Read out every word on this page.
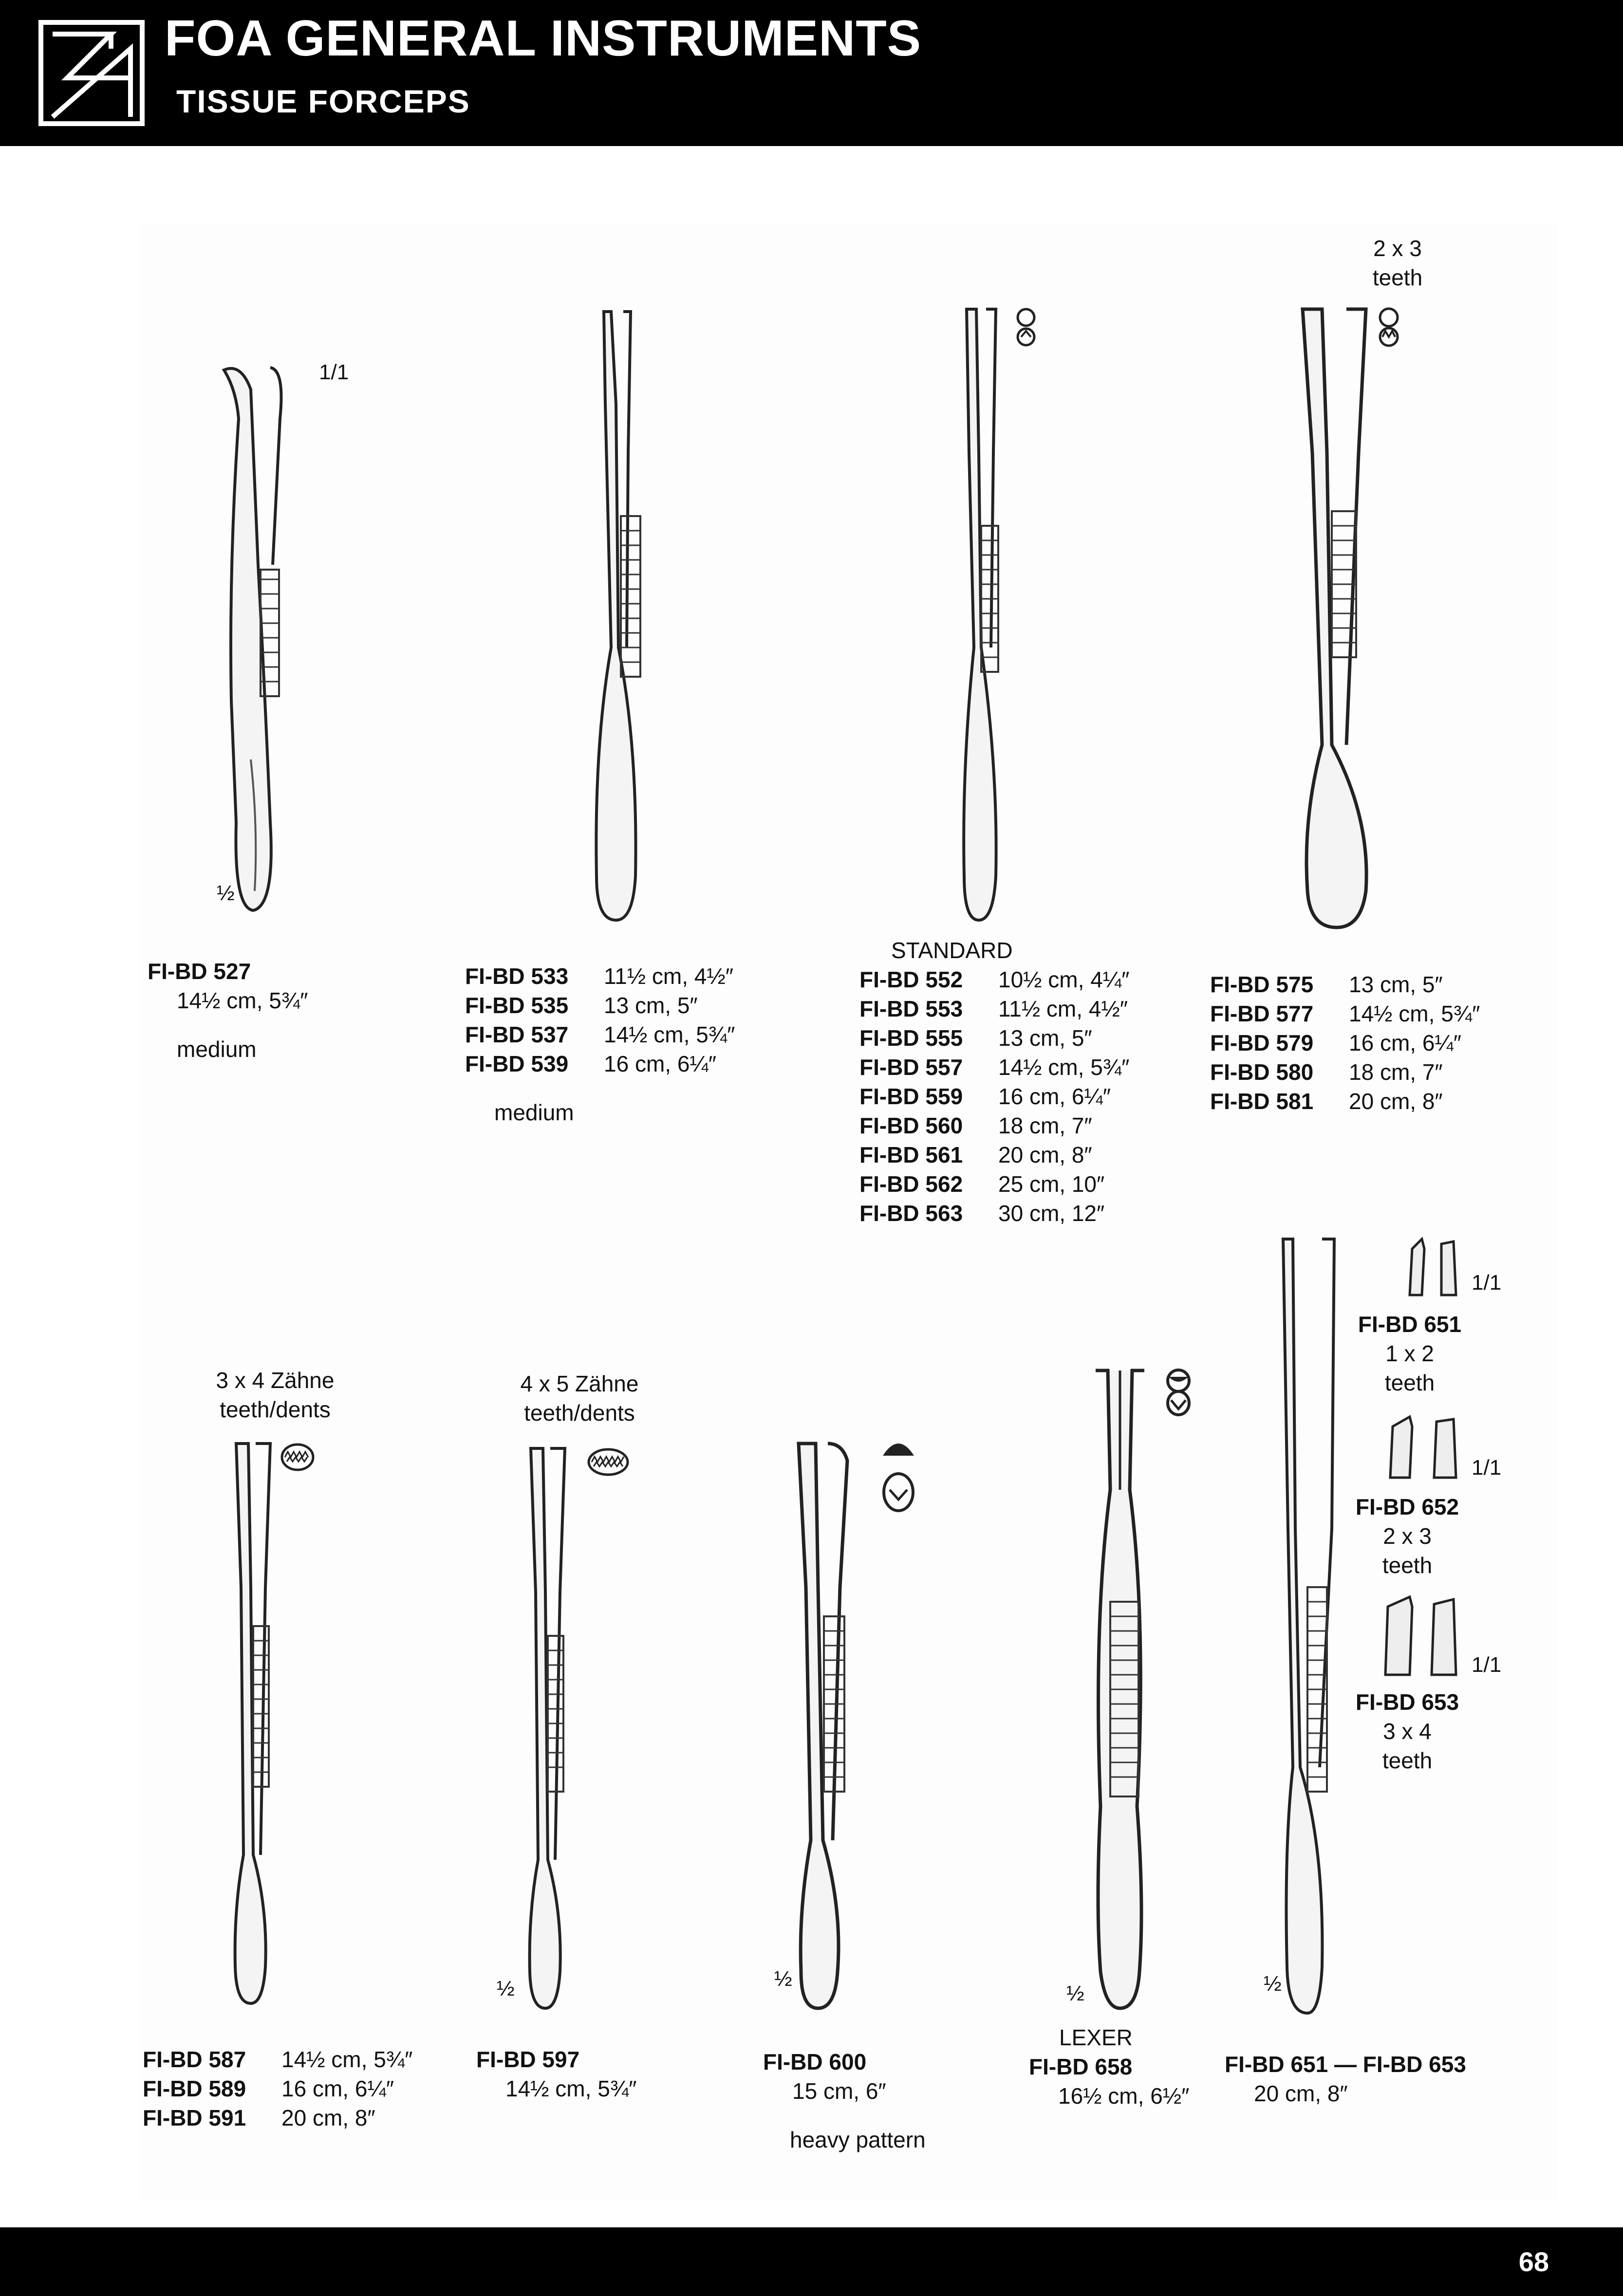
FOA GENERAL INSTRUMENTS
TISSUE FORCEPS
1/1
½
2 x 3
teeth
FI-BD 527
14½ cm, 5¾″
medium
FI-BD 533 11½ cm, 4½″
FI-BD 535 13 cm, 5″
FI-BD 537 14½ cm, 5¾″
FI-BD 539 16 cm, 6¼″
medium
STANDARD
FI-BD 552 10½ cm, 4¼″
FI-BD 553 11½ cm, 4½″
FI-BD 555 13 cm, 5″
FI-BD 557 14½ cm, 5¾″
FI-BD 559 16 cm, 6¼″
FI-BD 560 18 cm, 7″
FI-BD 561 20 cm, 8″
FI-BD 562 25 cm, 10″
FI-BD 563 30 cm, 12″
FI-BD 575 13 cm, 5″
FI-BD 577 14½ cm, 5¾″
FI-BD 579 16 cm, 6¼″
FI-BD 580 18 cm, 7″
FI-BD 581 20 cm, 8″
3 x 4 Zähne
teeth/dents
4 x 5 Zähne
teeth/dents
½	½
½	½
1/1
FI-BD 651
1 x 2
teeth
1/1
FI-BD 652
2 x 3
teeth
1/1
FI-BD 653
3 x 4
teeth
FI-BD 587 14½ cm, 5¾″
FI-BD 589 16 cm, 6¼″
FI-BD 591 20 cm, 8″
FI-BD 597
14½ cm, 5¾″
FI-BD 600
15 cm, 6″
heavy pattern
LEXER
FI-BD 658
16½ cm, 6½″
FI-BD 651 — FI-BD 653
20 cm, 8″
68
